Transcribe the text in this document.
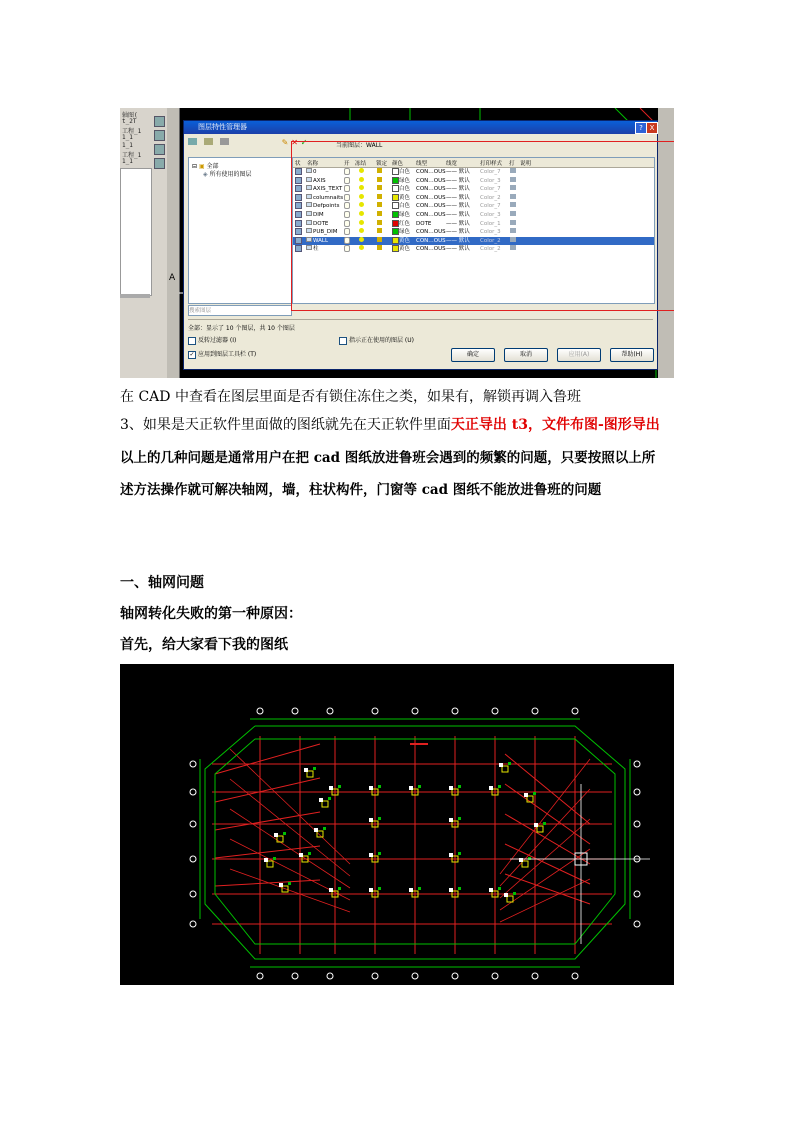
轴图(
t_2T
工程_1
1_1
1_1
工程_1
1_1
A
图层特性管理器	? X
✎ ✕ ✓	当前图层：WALL
⊟ ▣ 全部
◈ 所有使用的图层
状 名称	开 冻结 锁定 颜色 线型	线宽	打印样式 打 说明
0	白色 CON…OUS —— 默认 Color_7
AXIS	绿色 CON…OUS —— 默认 Color_3
AXIS_TEXT	白色 CON…OUS —— 默认 Color_7
columnaits	黄色 CON…OUS —— 默认 Color_2
Defpoints	白色 CON…OUS —— 默认 Color_7
DIM	绿色 CON…OUS —— 默认 Color_3
DOTE	红色 DOTE	—— 默认 Color_1
PUB_DIM	绿色 CON…OUS —— 默认 Color_3
WALL	黄色 CON…OUS —— 默认 Color_2
柱	黄色 CON…OUS —— 默认 Color_2
搜索图层
全部：显示了 10 个图层，共 10 个图层
反转过滤器 (I)
✓ 应用到图层工具栏 (T)
指示正在使用的图层 (U)
确定	取消	应用(A)	帮助(H)
在 CAD 中查看在图层里面是否有锁住冻住之类，如果有，解锁再调入鲁班
3、如果是天正软件里面做的图纸就先在天正软件里面天正导出 t3，文件布图-图形导出
以上的几种问题是通常用户在把 cad 图纸放进鲁班会遇到的频繁的问题，只要按照以上所
述方法操作就可解决轴网，墙，柱状构件，门窗等 cad 图纸不能放进鲁班的问题
一、轴网问题
轴网转化失败的第一种原因：
首先，给大家看下我的图纸
